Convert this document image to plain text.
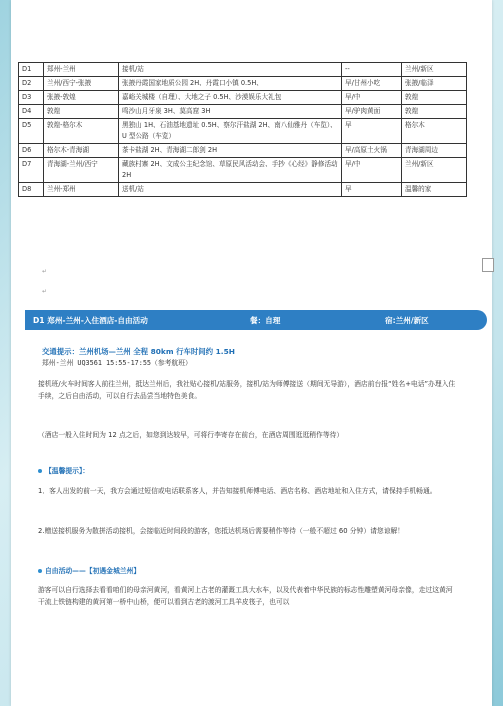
D1	郑州-兰州	接机/站	--	兰州/新区
D2	兰州/西宁-张掖	张掖丹霞国家地质公园 2H、丹霞口小镇 0.5H、	早/甘州小吃	张掖/临泽
D3	张掖-敦煌	嘉峪关城楼（自理）、大地之子 0.5H、沙漠娱乐大礼包	早/中	敦煌
D4	敦煌	鸣沙山月牙泉 3H、莫高窟 3H	早/驴肉黄面	敦煌
D5	敦煌-格尔木	黑独山 1H、石油基地遗址 0.5H、察尔汗盐湖 2H、南八仙雅丹（车览）、U 型公路（车览）	早	格尔木
D6	格尔木-青海湖	茶卡盐湖 2H、青海湖二郎剑 2H	早/高原土火锅	青海湖周边
D7	青海湖-兰州/西宁	藏族村寨 2H、文成公主纪念馆、草原民风活动会、手抄《心经》静修活动 2H	早/中	兰州/新区
D8	兰州-郑州	送机/站	早	温馨的家
↵
↵
D1 郑州-兰州-入住酒店-自由活动	餐：自理	宿:兰州/新区
交通提示：兰州机场—兰州 全程 80km 行车时间约 1.5H
郑州-兰州 UQ3561 15:55-17:55（参考航班）
接机班/火车时间客人前往兰州，抵达兰州后，我社贴心接机/站服务，接机/站为师傅接送（期间无导游），酒店前台报“姓名+电话”办理入住手续，之后自由活动，可以自行去品尝当地特色美食。
（酒店一般入住时间为 12 点之后，如您到达较早，可将行李寄存在前台，在酒店周围逛逛稍作等待）
【温馨提示】：
1．客人出发的前一天，我方会通过短信或电话联系客人，并告知接机师傅电话、酒店名称、酒店地址和入住方式，请保持手机畅通。
2.赠送接机服务为散拼活动接机，会接临近时间段的游客，您抵达机场后需要稍作等待（一般不超过 60 分钟）请您谅解！
自由活动——【初遇金城兰州】
游客可以自行选择去看看咱们的母亲河黄河，看黄河上古老的灌溉工具大水车，以及代表着中华民族的标志性雕塑黄河母亲像，走过这黄河干流上铁链构建的黄河第一桥中山桥，便可以看到古老的渡河工具羊皮筏子，也可以
